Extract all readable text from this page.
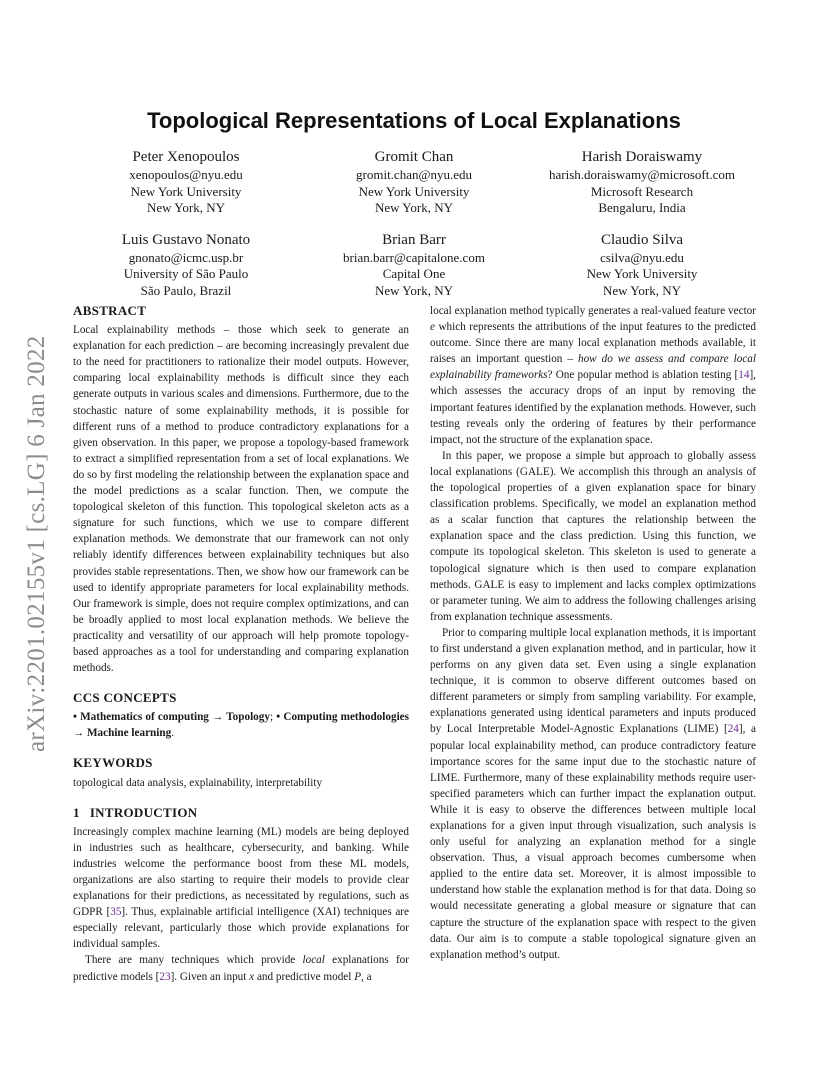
arXiv:2201.02155v1 [cs.LG] 6 Jan 2022
Topological Representations of Local Explanations
Peter Xenopoulos
xenopoulos@nyu.edu
New York University
New York, NY
Gromit Chan
gromit.chan@nyu.edu
New York University
New York, NY
Harish Doraiswamy
harish.doraiswamy@microsoft.com
Microsoft Research
Bengaluru, India
Luis Gustavo Nonato
gnonato@icmc.usp.br
University of São Paulo
São Paulo, Brazil
Brian Barr
brian.barr@capitalone.com
Capital One
New York, NY
Claudio Silva
csilva@nyu.edu
New York University
New York, NY
ABSTRACT

Local explainability methods – those which seek to generate an explanation for each prediction – are becoming increasingly prevalent due to the need for practitioners to rationalize their model outputs. However, comparing local explainability methods is difficult since they each generate outputs in various scales and dimensions. Furthermore, due to the stochastic nature of some explainability methods, it is possible for different runs of a method to produce contradictory explanations for a given observation. In this paper, we propose a topology-based framework to extract a simplified representation from a set of local explanations. We do so by first modeling the relationship between the explanation space and the model predictions as a scalar function. Then, we compute the topological skeleton of this function. This topological skeleton acts as a signature for such functions, which we use to compare different explanation methods. We demonstrate that our framework can not only reliably identify differences between explainability techniques but also provides stable representations. Then, we show how our framework can be used to identify appropriate parameters for local explainability methods. Our framework is simple, does not require complex optimizations, and can be broadly applied to most local explanation methods. We believe the practicality and versatility of our approach will help promote topology-based approaches as a tool for understanding and comparing explanation methods.

CCS CONCEPTS

• Mathematics of computing → Topology; • Computing methodologies → Machine learning.

KEYWORDS

topological data analysis, explainability, interpretability

1 INTRODUCTION

Increasingly complex machine learning (ML) models are being deployed in industries such as healthcare, cybersecurity, and banking. While industries welcome the performance boost from these ML models, organizations are also starting to require their models to provide clear explanations for their predictions, as necessitated by regulations, such as GDPR [35]. Thus, explainable artificial intelligence (XAI) techniques are especially relevant, particularly those which provide explanations for individual samples.

There are many techniques which provide local explanations for predictive models [23]. Given an input x and predictive model P, a

local explanation method typically generates a real-valued feature vector e which represents the attributions of the input features to the predicted outcome. Since there are many local explanation methods available, it raises an important question – how do we assess and compare local explainability frameworks? One popular method is ablation testing [14], which assesses the accuracy drops of an input by removing the important features identified by the explanation methods. However, such testing reveals only the ordering of features by their performance impact, not the structure of the explanation space.

In this paper, we propose a simple but approach to globally assess local explanations (GALE). We accomplish this through an analysis of the topological properties of a given explanation space for binary classification problems. Specifically, we model an explanation method as a scalar function that captures the relationship between the explanation space and the class prediction. Using this function, we compute its topological skeleton. This skeleton is used to generate a topological signature which is then used to compare explanation methods. GALE is easy to implement and lacks complex optimizations or parameter tuning. We aim to address the following challenges arising from explanation technique assessments.

Prior to comparing multiple local explanation methods, it is important to first understand a given explanation method, and in particular, how it performs on any given data set. Even using a single explanation technique, it is common to observe different outcomes based on different parameters or simply from sampling variability. For example, explanations generated using identical parameters and inputs produced by Local Interpretable Model-Agnostic Explanations (LIME) [24], a popular local explainability method, can produce contradictory feature importance scores for the same input due to the stochastic nature of LIME. Furthermore, many of these explainability methods require user-specified parameters which can further impact the explanation output. While it is easy to observe the differences between multiple local explanations for a given input through visualization, such analysis is only useful for analyzing an explanation method for a single observation. Thus, a visual approach becomes cumbersome when applied to the entire data set. Moreover, it is almost impossible to understand how stable the explanation method is for that data. Doing so would necessitate generating a global measure or signature that can capture the structure of the explanation space with respect to the given data. Our aim is to compute a stable topological signature given an explanation method’s output.
